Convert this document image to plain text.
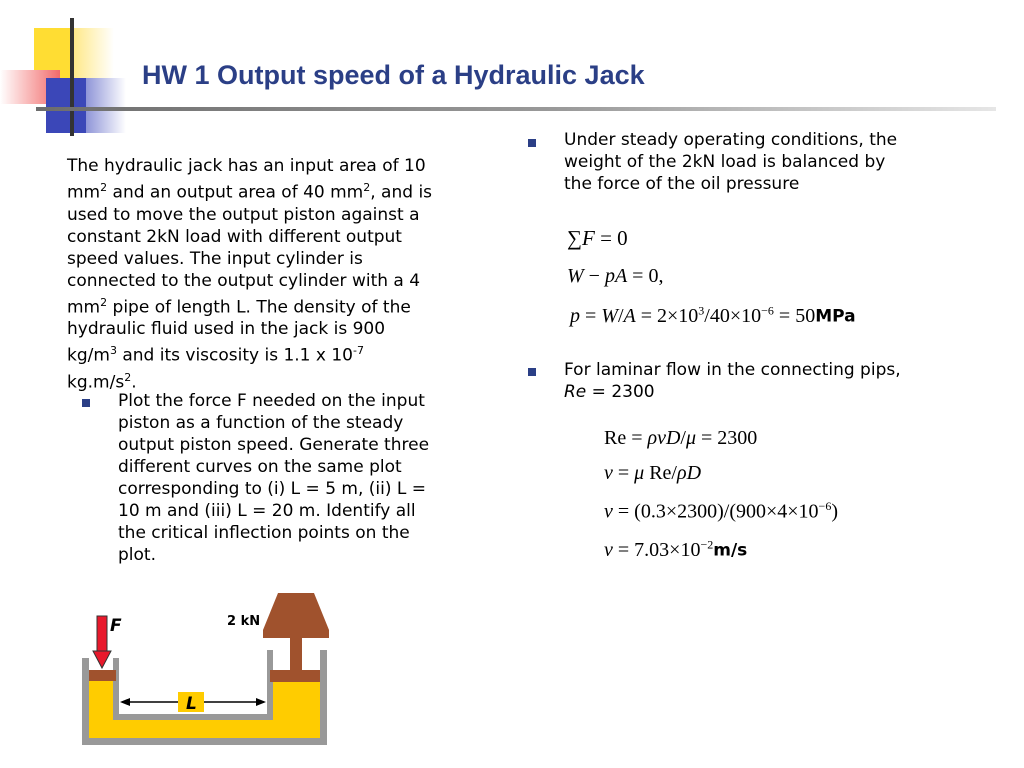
HW 1 Output speed of a Hydraulic Jack
The hydraulic jack has an input area of 10 $mm^2$ and an output area of 40 $mm^2$, and is used to move the output piston against a constant 2kN load with different output speed values. The input cylinder is connected to the output cylinder with a 4 $mm^2$ pipe of length L. The density of the hydraulic fluid used in the jack is 900 $kg/m^3$ and its viscosity is 1.1 x $10^{-7}$ $kg.m/s^2$.
Plot the force F needed on the input piston as a function of the steady output piston speed. Generate three different curves on the same plot corresponding to (i) L = 5 m, (ii) L = 10 m and (iii) L = 20 m. Identify all the critical inflection points on the plot.
Under steady operating conditions, the weight of the 2kN load is balanced by the force of the oil pressure
∑F = 0
W − pA = 0,
$p = W/A = 2\times 10^3/40\times 10^{-6} = 50MPa$
For laminar flow in the connecting pips, Re = 2300
Re = ρvD/μ = 2300
v = μ Re/ρD
$v = (0.3\times 2300)/(900\times 4\times 10^{-6})$
$v = 7.03\times 10^{-2}m/s$
F	2 kN
L
